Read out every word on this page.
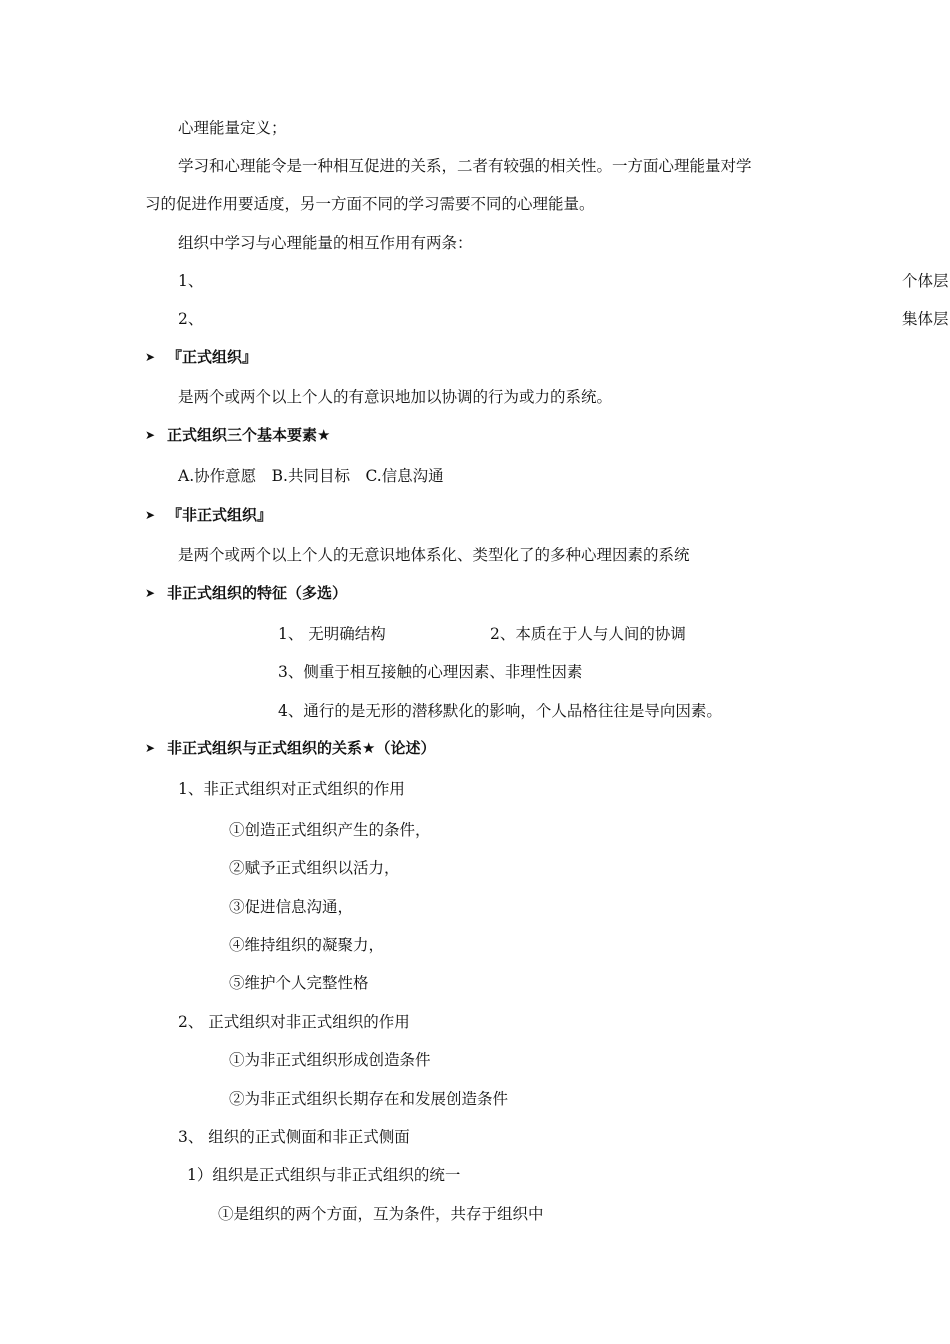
心理能量定义；
学习和心理能令是一种相互促进的关系，二者有较强的相关性。一方面心理能量对学
习的促进作用要适度，另一方面不同的学习需要不同的心理能量。
组织中学习与心理能量的相互作用有两条：
1、	个体层
2、	集体层
➤ 『正式组织』
是两个或两个以上个人的有意识地加以协调的行为或力的系统。
➤ 正式组织三个基本要素★
A.协作意愿　B.共同目标　C.信息沟通
➤ 『非正式组织』
是两个或两个以上个人的无意识地体系化、类型化了的多种心理因素的系统
➤ 非正式组织的特征（多选）
1、 无明确结构	2、本质在于人与人间的协调
3、侧重于相互接触的心理因素、非理性因素
4、通行的是无形的潜移默化的影响，个人品格往往是导向因素。
➤ 非正式组织与正式组织的关系★（论述）
1、非正式组织对正式组织的作用
①创造正式组织产生的条件，
②赋予正式组织以活力，
③促进信息沟通，
④维持组织的凝聚力，
⑤维护个人完整性格
2、 正式组织对非正式组织的作用
①为非正式组织形成创造条件
②为非正式组织长期存在和发展创造条件
3、 组织的正式侧面和非正式侧面
1）组织是正式组织与非正式组织的统一
①是组织的两个方面，互为条件，共存于组织中
